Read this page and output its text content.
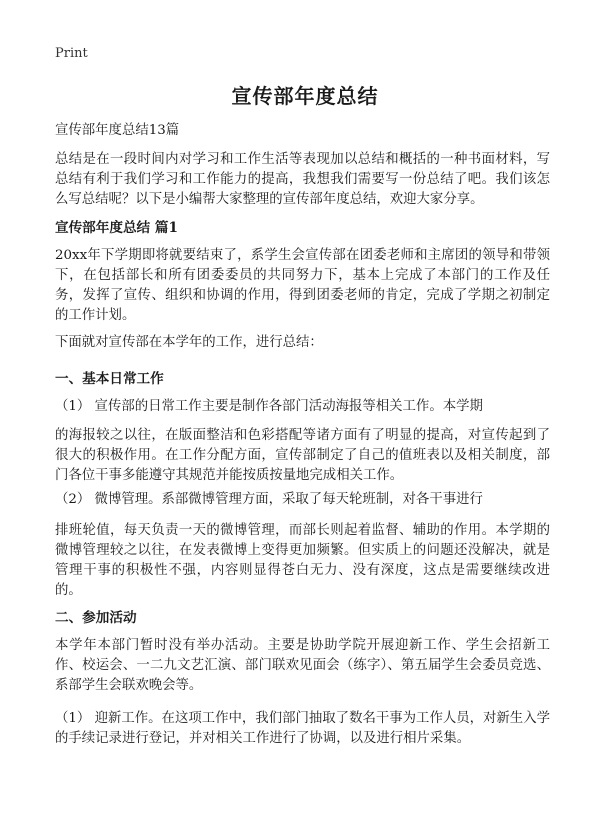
Print
宣传部年度总结
宣传部年度总结13篇
总结是在一段时间内对学习和工作生活等表现加以总结和概括的一种书面材料，写总结有利于我们学习和工作能力的提高，我想我们需要写一份总结了吧。我们该怎么写总结呢？以下是小编帮大家整理的宣传部年度总结，欢迎大家分享。
宣传部年度总结 篇1
20xx年下学期即将就要结束了，系学生会宣传部在团委老师和主席团的领导和带领下，在包括部长和所有团委委员的共同努力下，基本上完成了本部门的工作及任务，发挥了宣传、组织和协调的作用，得到团委老师的肯定，完成了学期之初制定的工作计划。
下面就对宣传部在本学年的工作，进行总结：
一、基本日常工作
（1） 宣传部的日常工作主要是制作各部门活动海报等相关工作。本学期
的海报较之以往，在版面整洁和色彩搭配等诸方面有了明显的提高，对宣传起到了很大的积极作用。在工作分配方面，宣传部制定了自己的值班表以及相关制度，部门各位干事多能遵守其规范并能按质按量地完成相关工作。
（2） 微博管理。系部微博管理方面，采取了每天轮班制，对各干事进行
排班轮值，每天负责一天的微博管理，而部长则起着监督、辅助的作用。本学期的微博管理较之以往，在发表微博上变得更加频繁。但实质上的问题还没解决，就是管理干事的积极性不强，内容则显得苍白无力、没有深度，这点是需要继续改进的。
二、参加活动
本学年本部门暂时没有举办活动。主要是协助学院开展迎新工作、学生会招新工作、校运会、一二九文艺汇演、部门联欢见面会（练字）、第五届学生会委员竞选、系部学生会联欢晚会等。
（1） 迎新工作。在这项工作中，我们部门抽取了数名干事为工作人员，对新生入学的手续记录进行登记，并对相关工作进行了协调，以及进行相片采集。
